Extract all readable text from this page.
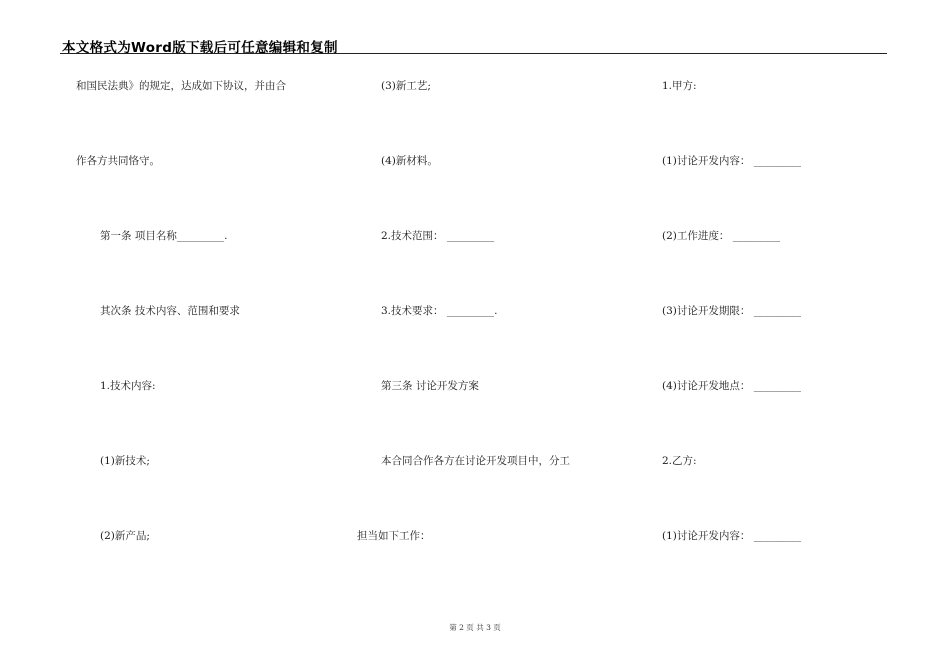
本文格式为Word版下载后可任意编辑和复制
和国民法典》的规定，达成如下协议，并由合
作各方共同恪守。
第一条 项目名称_________.
其次条 技术内容、范围和要求
1.技术内容:
(1)新技术;
(2)新产品;
(3)新工艺;
(4)新材料。
2.技术范围： _________
3.技术要求： _________.
第三条 讨论开发方案
本合同合作各方在讨论开发项目中，分工
担当如下工作：
1.甲方:
(1)讨论开发内容： _________
(2)工作进度： _________
(3)讨论开发期限： _________
(4)讨论开发地点： _________
2.乙方:
(1)讨论开发内容： _________
第 2 页 共 3 页
